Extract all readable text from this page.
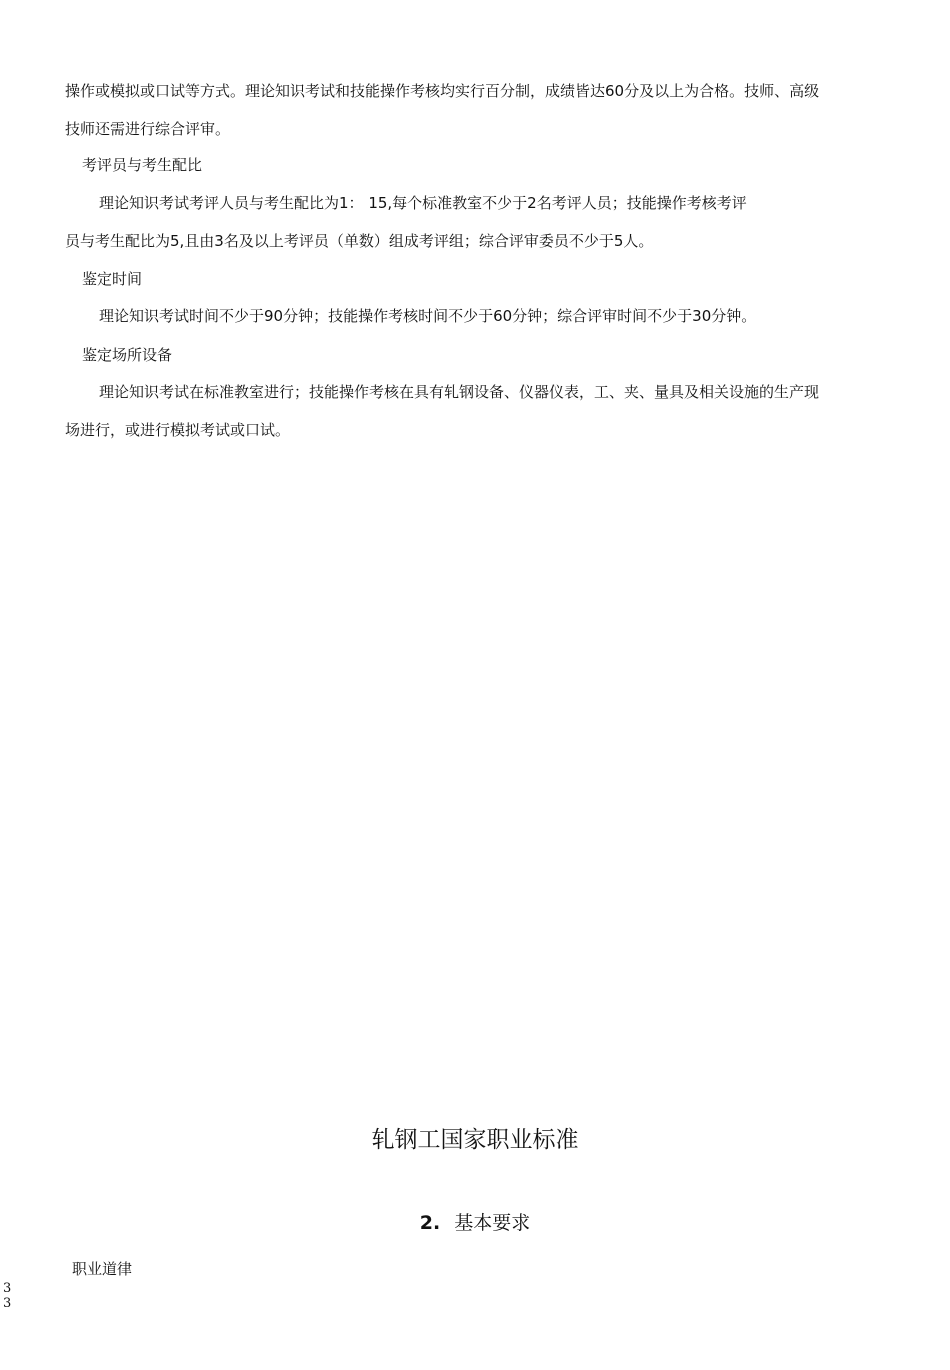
操作或模拟或口试等方式。理论知识考试和技能操作考核均实行百分制，成绩皆达60分及以上为合格。技师、高级
技师还需进行综合评审。

考评员与考生配比

理论知识考试考评人员与考生配比为1： 15,每个标准教室不少于2名考评人员；技能操作考核考评
员与考生配比为5,且由3名及以上考评员（单数）组成考评组；综合评审委员不少于5人。

鉴定时间

理论知识考试时间不少于90分钟；技能操作考核时间不少于60分钟；综合评审时间不少于30分钟。

鉴定场所设备

理论知识考试在标准教室进行；技能操作考核在具有轧钢设备、仪器仪表，工、夹、量具及相关设施的生产现
场进行，或进行模拟考试或口试。

轧钢工国家职业标准
2. 基本要求
职业道律
3
3
